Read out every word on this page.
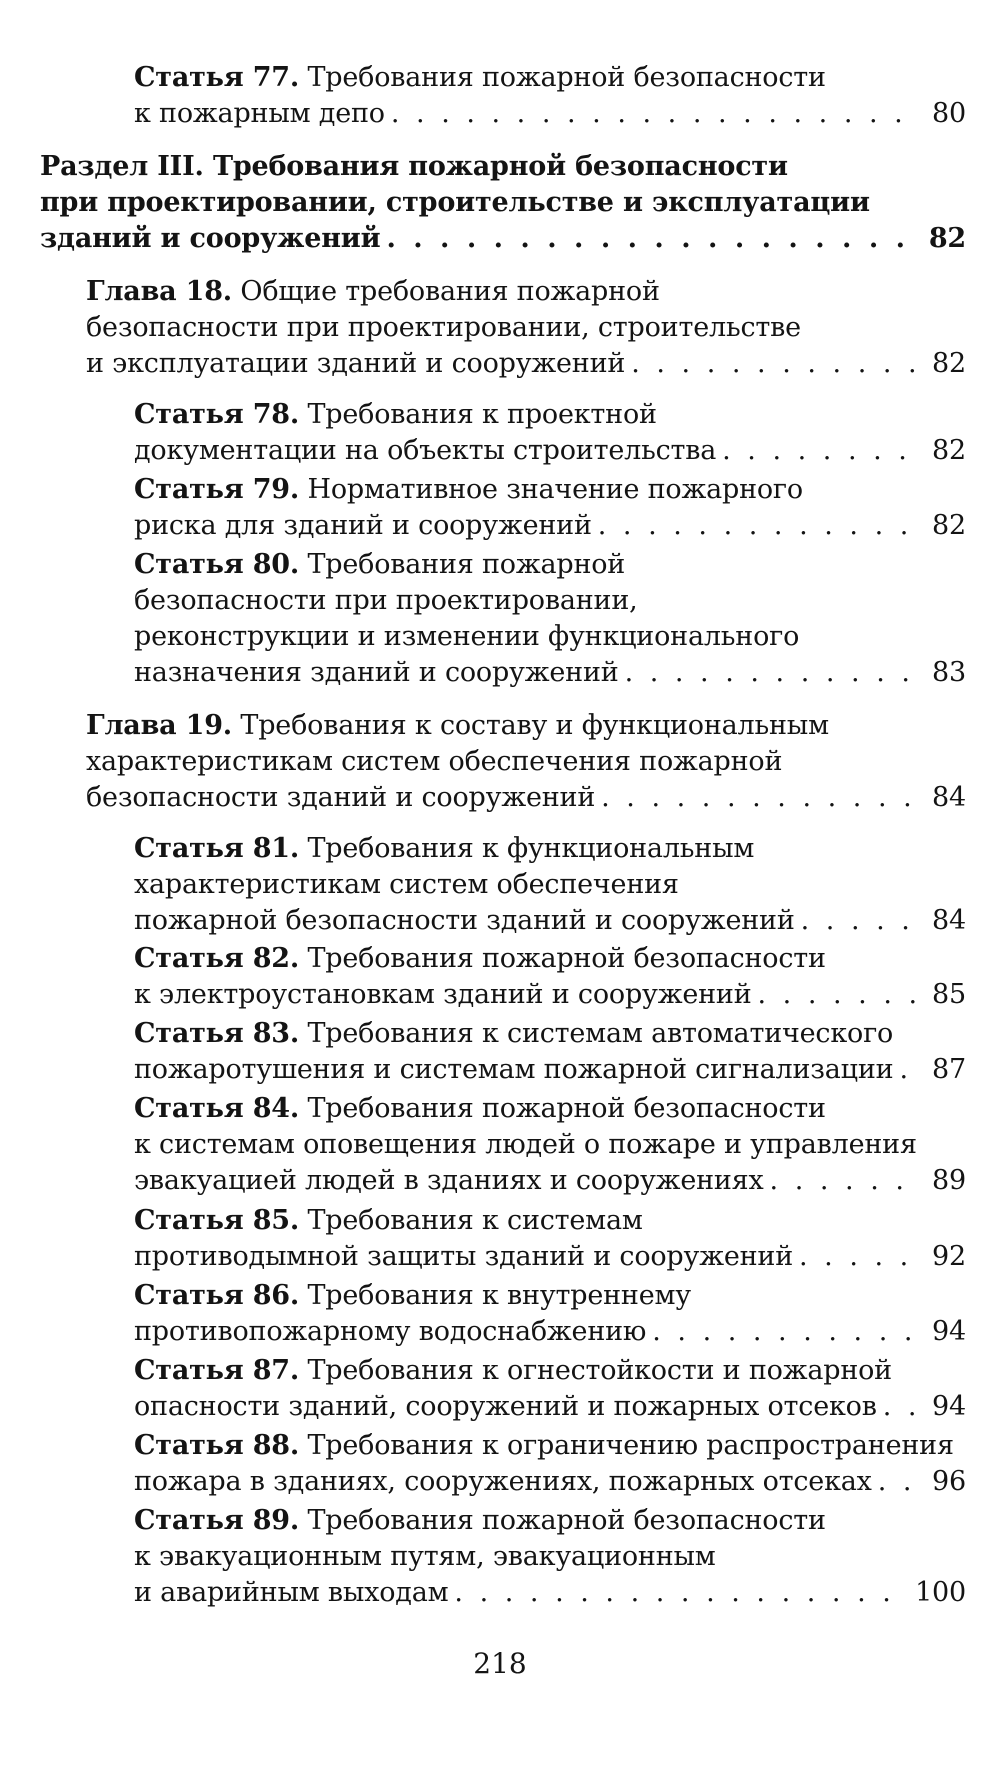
Статья 77. Требования пожарной безопасности
к пожарным депо . . .	80
Раздел III. Требования пожарной безопасности
при проектировании, строительстве и эксплуатации
зданий и сооружений . . .	82
Глава 18. Общие требования пожарной
безопасности при проектировании, строительстве
и эксплуатации зданий и сооружений . . .	82
Статья 78. Требования к проектной
документации на объекты строительства . . .	82
Статья 79. Нормативное значение пожарного
риска для зданий и сооружений . . .	82
Статья 80. Требования пожарной
безопасности при проектировании,
реконструкции и изменении функционального
назначения зданий и сооружений . . .	83
Глава 19. Требования к составу и функциональным
характеристикам систем обеспечения пожарной
безопасности зданий и сооружений . . .	84
Статья 81. Требования к функциональным
характеристикам систем обеспечения
пожарной безопасности зданий и сооружений . . .	84
Статья 82. Требования пожарной безопасности
к электроустановкам зданий и сооружений . . .	85
Статья 83. Требования к системам автоматического
пожаротушения и системам пожарной сигнализации . . . 87
Статья 84. Требования пожарной безопасности
к системам оповещения людей о пожаре и управления
эвакуацией людей в зданиях и сооружениях . . .	89
Статья 85. Требования к системам
противодымной защиты зданий и сооружений . . .	92
Статья 86. Требования к внутреннему
противопожарному водоснабжению . . .	94
Статья 87. Требования к огнестойкости и пожарной
опасности зданий, сооружений и пожарных отсеков . . . 94
Статья 88. Требования к ограничению распространения
пожара в зданиях, сооружениях, пожарных отсеках . . . 96
Статья 89. Требования пожарной безопасности
к эвакуационным путям, эвакуационным
и аварийным выходам . . .	100
218
